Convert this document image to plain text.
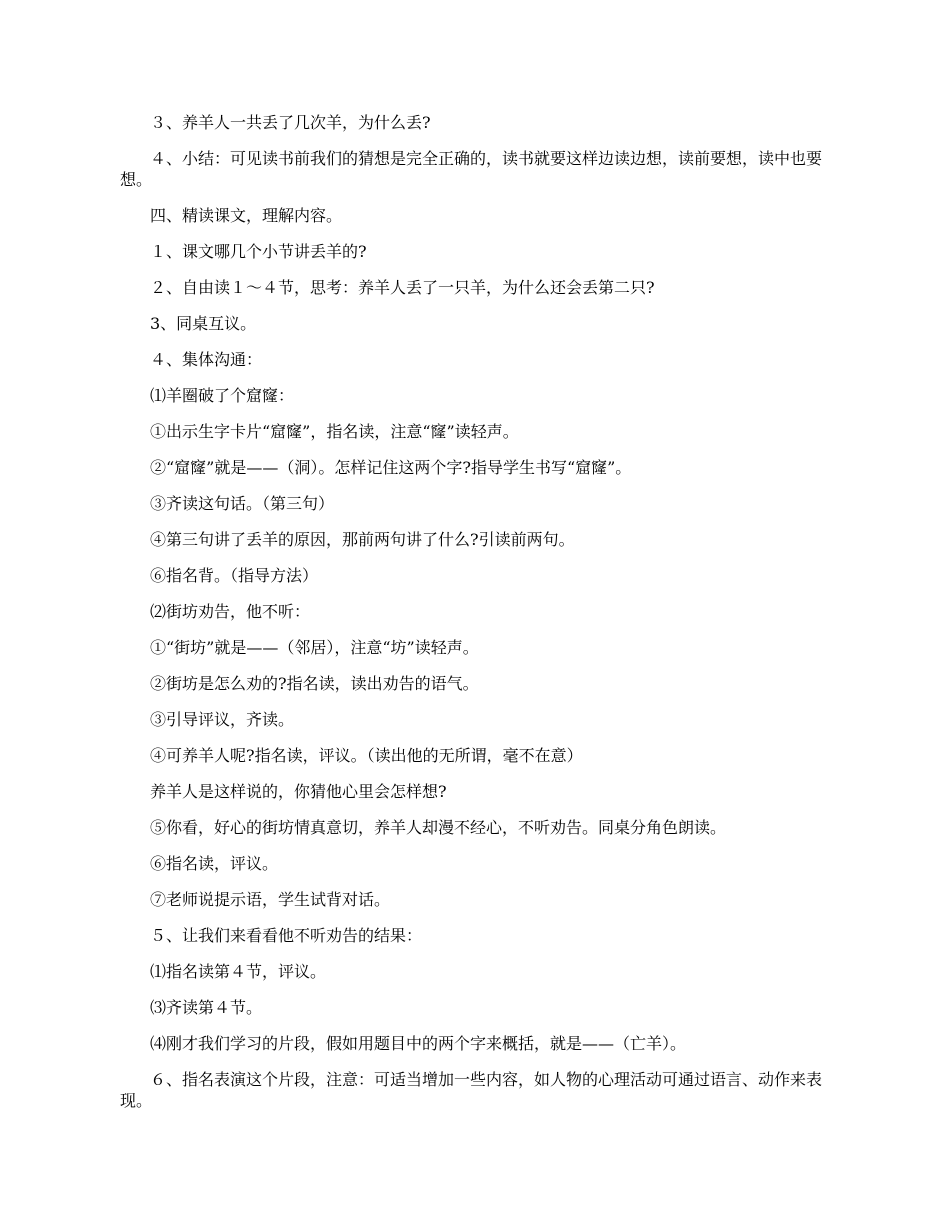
３、养羊人一共丢了几次羊，为什么丢?

４、小结：可见读书前我们的猜想是完全正确的，读书就要这样边读边想，读前要想，读中也要想。

四、精读课文，理解内容。

１、课文哪几个小节讲丢羊的?

２、自由读１～４节，思考：养羊人丢了一只羊，为什么还会丢第二只?

3、同桌互议。

４、集体沟通：

⑴羊圈破了个窟窿：

①出示生字卡片“窟窿”，指名读，注意“窿”读轻声。

②“窟窿”就是——（洞）。怎样记住这两个字?指导学生书写“窟窿”。

③齐读这句话。（第三句）

④第三句讲了丢羊的原因，那前两句讲了什么?引读前两句。

⑥指名背。（指导方法）

⑵街坊劝告，他不听：

①“街坊”就是——（邻居），注意“坊”读轻声。

②街坊是怎么劝的?指名读，读出劝告的语气。

③引导评议，齐读。

④可养羊人呢?指名读，评议。（读出他的无所谓，毫不在意）

养羊人是这样说的，你猜他心里会怎样想?

⑤你看，好心的街坊情真意切，养羊人却漫不经心，不听劝告。同桌分角色朗读。

⑥指名读，评议。

⑦老师说提示语，学生试背对话。

５、让我们来看看他不听劝告的结果：

⑴指名读第４节，评议。

⑶齐读第４节。

⑷刚才我们学习的片段，假如用题目中的两个字来概括，就是——（亡羊）。

６、指名表演这个片段，注意：可适当增加一些内容，如人物的心理活动可通过语言、动作来表现。
